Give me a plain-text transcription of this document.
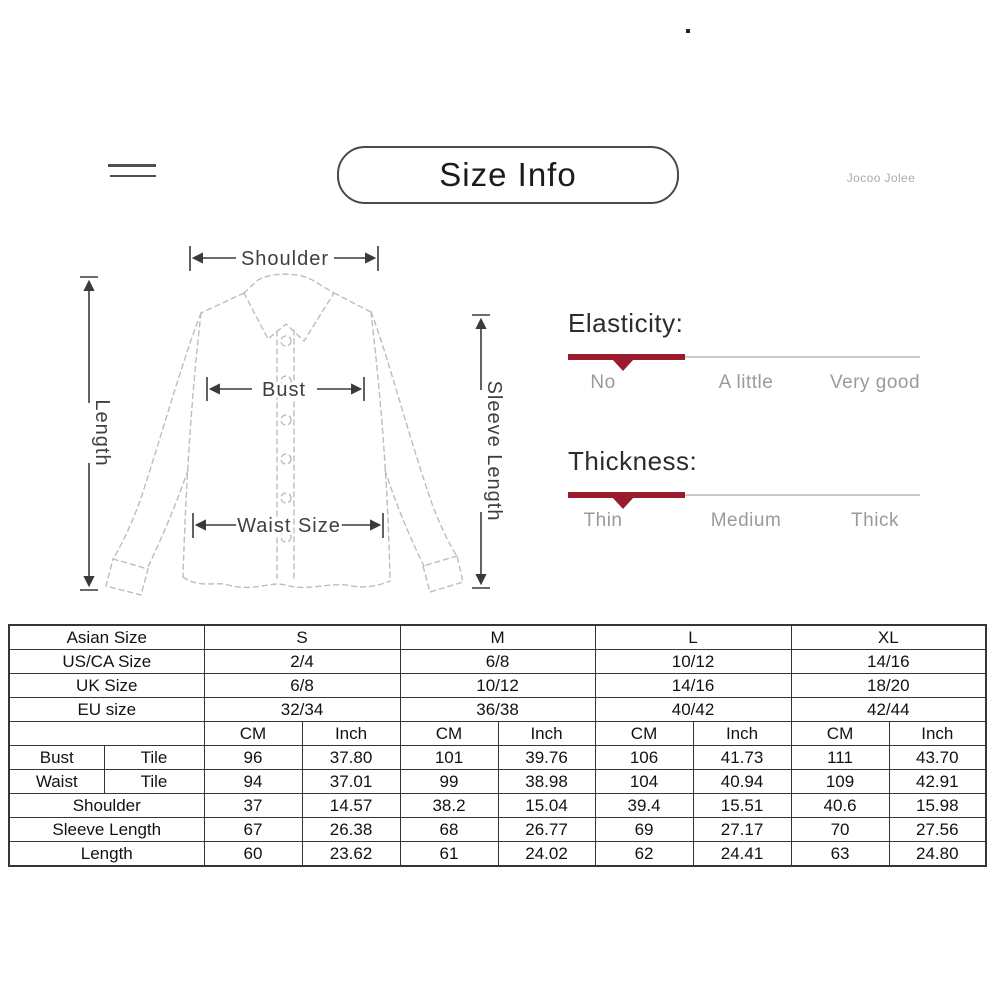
Size Info	Jocoo Jolee
Shoulder
Bust
Waist Size
Length	Sleeve Length
Elasticity:
No	A little	Very good
Thickness:
Thin	Medium	Thick
Asian Size		S		M		L		XL	
US/CA Size		2/4		6/8		10/12		14/16	
UK Size		6/8		10/12		14/16		18/20	
EU size		32/34		36/38		40/42		42/44	
		CM	Inch	CM	Inch	CM	Inch	CM	Inch
Bust	Tile	96	37.80	101	39.76	106	41.73	111	43.70
Waist	Tile	94	37.01	99	38.98	104	40.94	109	42.91
Shoulder		37	14.57	38.2	15.04	39.4	15.51	40.6	15.98
Sleeve Length		67	26.38	68	26.77	69	27.17	70	27.56
Length		60	23.62	61	24.02	62	24.41	63	24.80
